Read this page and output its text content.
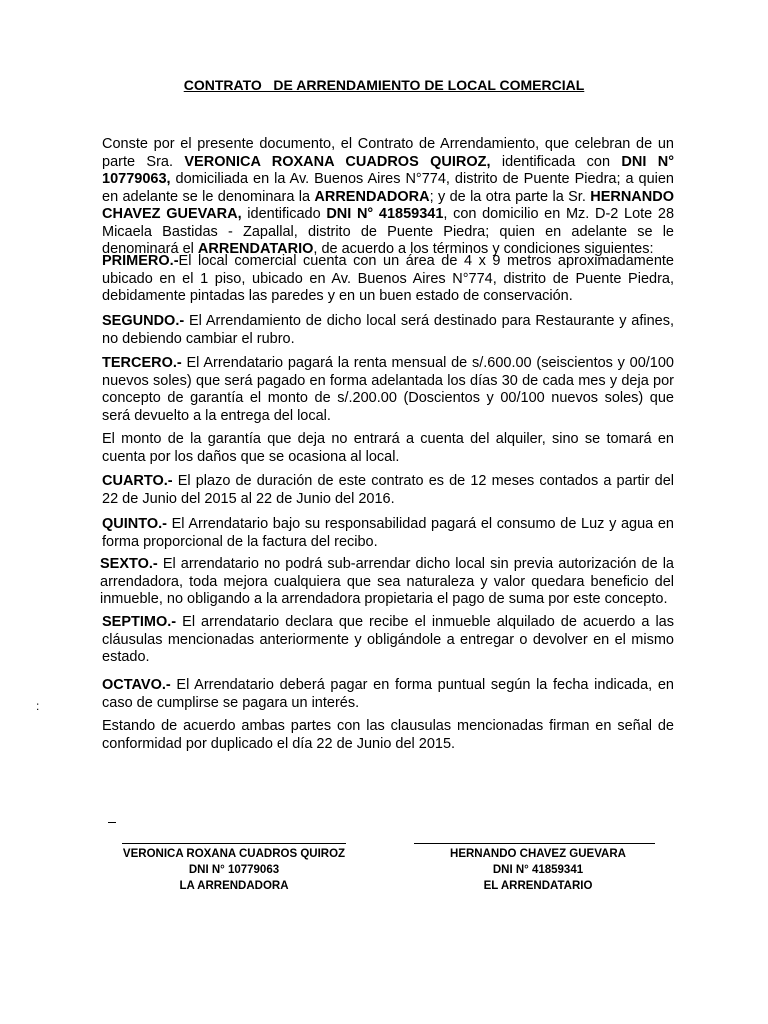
CONTRATO   DE ARRENDAMIENTO DE LOCAL COMERCIAL

Conste por el presente documento, el Contrato de Arrendamiento, que celebran de un parte Sra. VERONICA ROXANA CUADROS QUIROZ, identificada con DNI N° 10779063, domiciliada en la Av. Buenos Aires N°774, distrito de Puente Piedra; a quien en adelante se le denominara la ARRENDADORA; y de la otra parte la Sr. HERNANDO CHAVEZ GUEVARA, identificado DNI N° 41859341, con domicilio en Mz. D-2 Lote 28 Micaela Bastidas - Zapallal, distrito de Puente Piedra; quien en adelante se le denominará el ARRENDATARIO, de acuerdo a los términos y condiciones siguientes:

PRIMERO.-El local comercial cuenta con un área de 4 x 9 metros aproximadamente ubicado en el 1 piso, ubicado en Av. Buenos Aires N°774, distrito de Puente Piedra, debidamente pintadas las paredes y en un buen estado de conservación.

SEGUNDO.- El Arrendamiento de dicho local será destinado para Restaurante y afines, no debiendo cambiar el rubro.

TERCERO.- El Arrendatario pagará la renta mensual de s/.600.00 (seiscientos y 00/100 nuevos soles) que será pagado en forma adelantada los días 30 de cada mes y deja por concepto de garantía el monto de s/.200.00 (Doscientos y 00/100 nuevos soles) que será devuelto a la entrega del local.

El monto de la garantía que deja no entrará a cuenta del alquiler, sino se tomará en cuenta por los daños que se ocasiona al local.

CUARTO.- El plazo de duración de este contrato es de 12 meses contados a partir del 22 de Junio del 2015 al 22 de Junio del 2016.

QUINTO.- El Arrendatario bajo su responsabilidad pagará el consumo de Luz y agua en forma proporcional de la factura del recibo.

SEXTO.- El arrendatario no podrá sub-arrendar dicho local sin previa autorización de la arrendadora, toda mejora cualquiera que sea naturaleza y valor quedara beneficio del inmueble, no obligando a la arrendadora propietaria el pago de suma por este concepto.

SEPTIMO.- El arrendatario declara que recibe el inmueble alquilado de acuerdo a las cláusulas mencionadas anteriormente y obligándole a entregar o devolver en el mismo estado.

OCTAVO.- El Arrendatario deberá pagar en forma puntual según la fecha indicada, en caso de cumplirse se pagara un interés.

Estando de acuerdo ambas partes con las clausulas mencionadas firman en señal de conformidad por duplicado el día 22 de Junio del 2015.

:
VERONICA ROXANA CUADROS QUIROZ
DNI N° 10779063
LA ARRENDADORA
HERNANDO CHAVEZ GUEVARA
DNI N° 41859341
EL ARRENDATARIO
